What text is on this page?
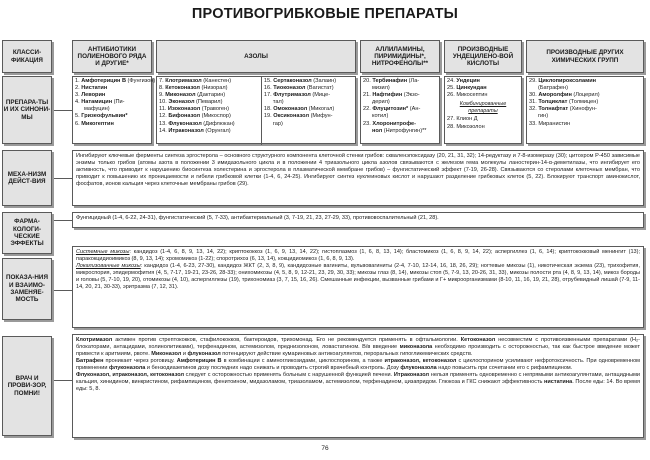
ПРОТИВОГРИБКОВЫЕ ПРЕПАРАТЫ
КЛАССИ-ФИКАЦИЯ
АНТИБИОТИКИ ПОЛИЕНОВОГО РЯДА И ДРУГИЕ*
АЗОЛЫ
АЛЛИЛАМИНЫ, ПИРИМИДИНЫ*, НИТРОФЕНОЛЫ**
ПРОИЗВОДНЫЕ УНДЕЦИЛЕНО-ВОЙ КИСЛОТЫ
ПРОИЗВОДНЫЕ ДРУГИХ ХИМИЧЕСКИХ ГРУПП
ПРЕПАРА-ТЫ И ИХ СИНОНИ-МЫ
1. Амфотерицин В (Фунгизон)
2. Нистатин
3. Леворин
4. Натамицин (Пи-
мафуцин)
5. Гризеофульвин*
6. Микогептин
7. Клотримазол (Канестен)
8. Кетоконазол (Низорал)
9. Миконазол (Дактарин)
10. Эконазол (Певарил)
11. Изоконазол (Травоген)
12. Бифоназол (Микоспор)
13. Флуконазол (Дифлюкан)
14. Итраконазол (Орунгал)
15. Сертаконазол (Залаин)
16. Тиоконазол (Вагистат)
17. Флутримазол (Мице-
тал)
18. Омоконазол (Микогал)
19. Оксиконазол (Мифун-
гар)
20. Тербинафин (Ла-
мизил)
21. Нафтифин (Экзо-
дерил)
22. Флуцитозин* (Ан-
котил)
23. Хлоронитрофе-
нол (Нитрофунгин)**
24. Ундецин
25. Цинкундан
26. Микосептин
Комбинированные препараты
27. Клион Д
28. Микозолон
29. Циклопироксоламин
(Батрафен)
30. Аморолфин (Лоцерил)
31. Толциклат (Толмицен)
32. Толнафтат (Хинофун-
гин)
33. Миранистин
МЕХА-НИЗМ ДЕЙСТ-ВИЯ
Ингибируют ключевые ферменты синтеза эргостерола – основного структурного компонента клеточной стенки грибов: скваленэпоксидазу (20, 21, 31, 32); 14-редуктазу и 7-8-изомеразу (30); цитохром Р-450 зависимые энзимы только грибов (атомы азота в положении 3 имидазольного цикла и в положении 4 триазольного цикла азолов связываются с железом гема молекулы ланостерин-14-α-деметилазы, что ингибирует его активность, что приводит к нарушению биосинтеза холестерина и эргостерола в плазматической мембране грибов) – фунгистатический эффект (7-19, 26-28). Связываются со стеролами клеточных мембран, что приводит к повышению их проницаемости и гибели грибковой клетки (1-4, 6, 24-25). Ингибируют синтез нуклеиновых кислот и нарушают разделение грибковых клеток (5, 22). Блокируют транспорт аминокислот, фосфатов, ионов кальция через клеточные мембраны грибов (29).
ФАРМА-КОЛОГИ-ЧЕСКИЕ ЭФФЕКТЫ
Фунгицидный (1-4, 6-22, 24-31), фунгистатический (5, 7-33), антибактериальный (3, 7-19, 21, 23, 27-29, 33), противовоспалительный (21, 28).
ПОКАЗА-НИЯ И ВЗАИМО-ЗАМЕНЯЕ-МОСТЬ
Системные микозы: кандидоз (1-4, 6, 8, 9, 13, 14, 22); криптококкоз (1, 6, 9, 13, 14, 22); гистоплазмоз (1, 6, 8, 13, 14); бластомикоз (1, 6, 8, 9, 14, 22); аспергиллез (1, 6, 14); криптококковый менингит (13); паракокцидиоимикоз (8, 9, 13, 14); хромомикоз (1-22); споротрихоз (6, 13, 14), кокцидиомикоз (1, 6, 8, 9, 13).
Локализованные микозы: кандидоз (1-4, 6-23, 27-30), кандидоз ЖКТ (2, 3, 8, 9), кандидозные вагиниты, вульвовагиниты (2-4, 7-10, 12-14, 16, 18, 26, 29); ногтевые микозы (1), никотическая экзема (23), трихофития, микроспория, эпидермофития (4, 5, 7-17, 19-21, 23-26, 28-33); онихомикозы (4, 5, 8, 9, 12-21, 23, 29, 30, 33); микозы глаз (8, 14), микозы стоп (5, 7-9, 13, 20-26, 31, 33), микозы полости рта (4, 8, 9, 13, 14), микоз бороды и головы (5, 7-10, 19, 20), отомикозы (4, 10), аспергиллезы (19), трихономиаз (3, 7, 15, 16, 26). Смешанные инфекции, вызванные грибами и Г+ микроорганизмами (8-10, 11, 16, 19, 21, 28), отрубевидный лишай (7-9, 11-14, 20, 21, 30-33), эритразма (7, 12, 31).
ВРАЧ И ПРОВИ-ЗОР, ПОМНИ!
Клотримазол активен против стрептококков, стафилококков, бактероидов, трихомонад. Его не рекомендуется применять в офтальмологии. Кетоконазол несовместим с противоязвенными препаратами (Н₂-блокаторами, антацидами, холинолитиками), терфенадином, астемизолом, преднизолоном, ловастатином. В/в введение миконазола необходимо производить с осторожностью, так как быстрое введение может привести к аритмиям, рвоте. Миконазол и флуконазол потенцируют действие кумариновых антикоагулянтов, пероральных гипогликемических средств.
Батрафен проникает через роговицу. Амфотерицин В в комбинации с аминогликозидами, циклоспорином, а также итраконазол, кетоконазол с циклоспорином усиливают нефротоксичность. При одновременном применении флуконазола и бензодиазепинов дозу последних надо снижать и проводить строгий врачебный контроль. Дозу флуконазола надо повысить при сочетании его с рифампицином.
Флуконазол, итраконазол, кетоконазол следует с осторожностью применять больным с нарушенной функцией печени. Итраконазол нельзя применять одновременно с непрямыми антикоагулянтами, антацидными кальция, хинидином, винкристином, рифампицином, фенитоином, мидазоламом, триазоламом, астемизолом, терфенадином, цизапридом. Глюкоза и ГКС снижают эффективность нистатина. После еды: 14. Во время еды: 5, 8.
76
